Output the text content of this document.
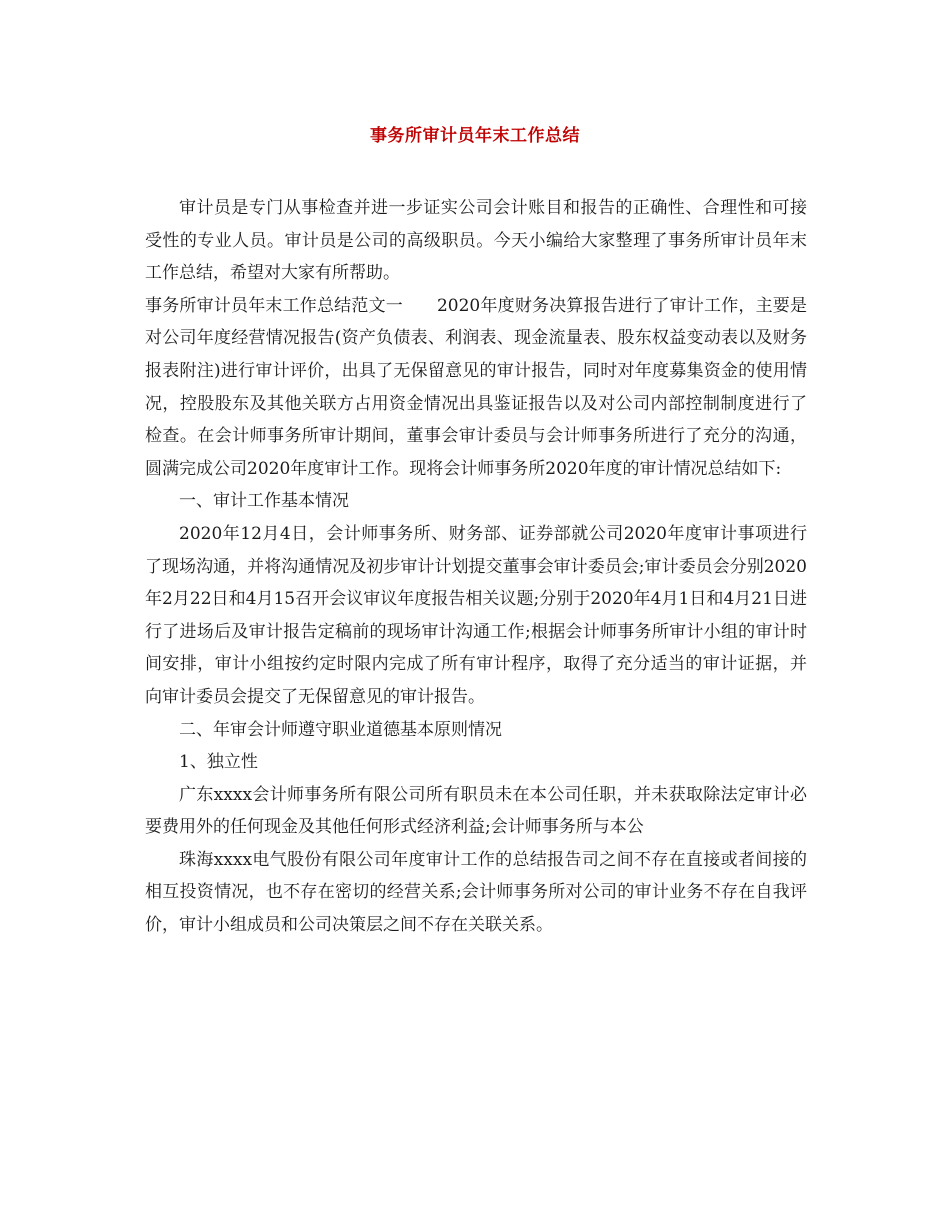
事务所审计员年末工作总结

审计员是专门从事检查并进一步证实公司会计账目和报告的正确性、合理性和可接受性的专业人员。审计员是公司的高级职员。今天小编给大家整理了事务所审计员年末工作总结，希望对大家有所帮助。

事务所审计员年末工作总结范文一 2020年度财务决算报告进行了审计工作，主要是对公司年度经营情况报告(资产负债表、利润表、现金流量表、股东权益变动表以及财务报表附注)进行审计评价，出具了无保留意见的审计报告，同时对年度募集资金的使用情况，控股股东及其他关联方占用资金情况出具鉴证报告以及对公司内部控制制度进行了检查。在会计师事务所审计期间，董事会审计委员与会计师事务所进行了充分的沟通，圆满完成公司2020年度审计工作。现将会计师事务所2020年度的审计情况总结如下:

一、审计工作基本情况

2020年12月4日，会计师事务所、财务部、证券部就公司2020年度审计事项进行了现场沟通，并将沟通情况及初步审计计划提交董事会审计委员会;审计委员会分别2020年2月22日和4月15召开会议审议年度报告相关议题;分别于2020年4月1日和4月21日进行了进场后及审计报告定稿前的现场审计沟通工作;根据会计师事务所审计小组的审计时间安排，审计小组按约定时限内完成了所有审计程序，取得了充分适当的审计证据，并向审计委员会提交了无保留意见的审计报告。

二、年审会计师遵守职业道德基本原则情况

1、独立性

广东xxxx会计师事务所有限公司所有职员未在本公司任职，并未获取除法定审计必要费用外的任何现金及其他任何形式经济利益;会计师事务所与本公

珠海xxxx电气股份有限公司年度审计工作的总结报告司之间不存在直接或者间接的相互投资情况，也不存在密切的经营关系;会计师事务所对公司的审计业务不存在自我评价，审计小组成员和公司决策层之间不存在关联关系。
